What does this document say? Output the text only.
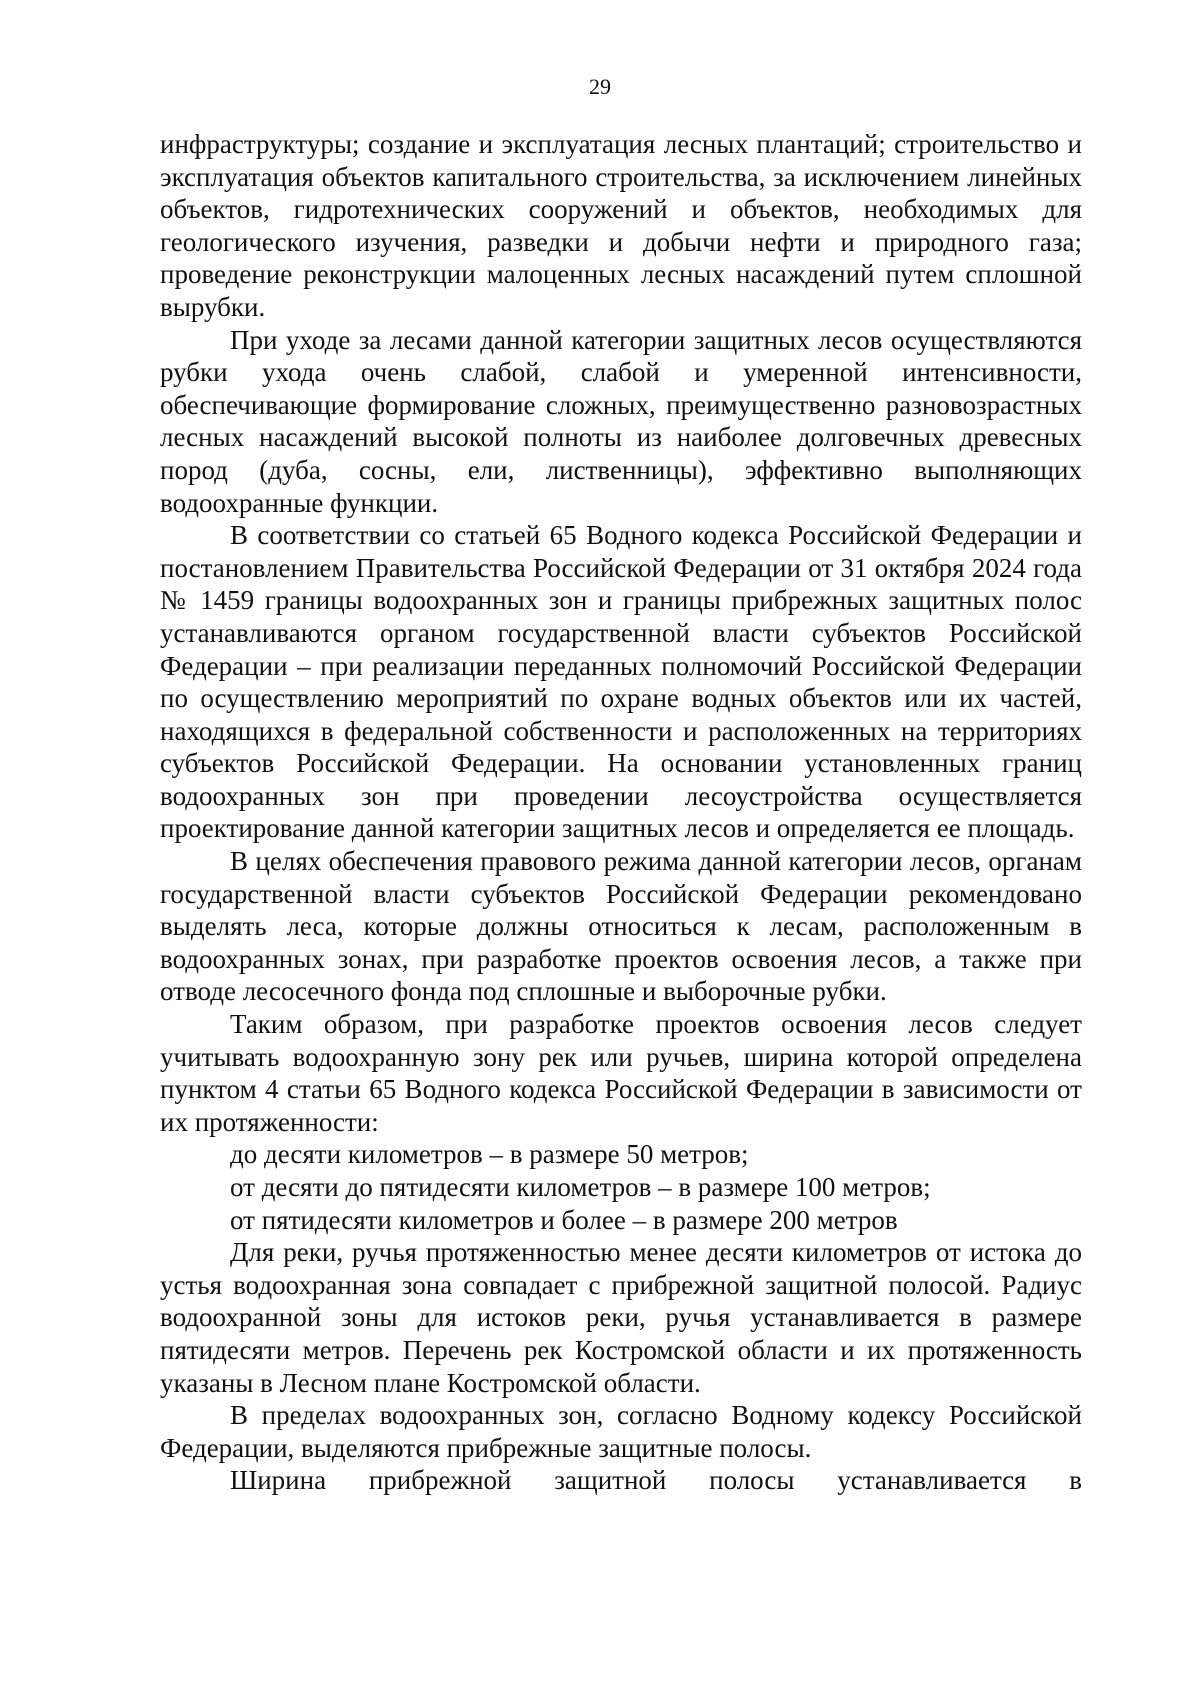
29

инфраструктуры; создание и эксплуатация лесных плантаций; строительство и эксплуатация объектов капитального строительства, за исключением линейных объектов, гидротехнических сооружений и объектов, необходимых для геологического изучения, разведки и добычи нефти и природного газа; проведение реконструкции малоценных лесных насаждений путем сплошной вырубки.

При уходе за лесами данной категории защитных лесов осуществляются рубки ухода очень слабой, слабой и умеренной интенсивности, обеспечивающие формирование сложных, преимущественно разновозрастных лесных насаждений высокой полноты из наиболее долговечных древесных пород (дуба, сосны, ели, лиственницы), эффективно выполняющих водоохранные функции.

В соответствии со статьей 65 Водного кодекса Российской Федерации и постановлением Правительства Российской Федерации от 31 октября 2024 года № 1459 границы водоохранных зон и границы прибрежных защитных полос устанавливаются органом государственной власти субъектов Российской Федерации – при реализации переданных полномочий Российской Федерации по осуществлению мероприятий по охране водных объектов или их частей, находящихся в федеральной собственности и расположенных на территориях субъектов Российской Федерации. На основании установленных границ водоохранных зон при проведении лесоустройства осуществляется проектирование данной категории защитных лесов и определяется ее площадь.

В целях обеспечения правового режима данной категории лесов, органам государственной власти субъектов Российской Федерации рекомендовано выделять леса, которые должны относиться к лесам, расположенным в водоохранных зонах, при разработке проектов освоения лесов, а также при отводе лесосечного фонда под сплошные и выборочные рубки.

Таким образом, при разработке проектов освоения лесов следует учитывать водоохранную зону рек или ручьев, ширина которой определена пунктом 4 статьи 65 Водного кодекса Российской Федерации в зависимости от их протяженности:

до десяти километров – в размере 50 метров;

от десяти до пятидесяти километров – в размере 100 метров;

от пятидесяти километров и более – в размере 200 метров

Для реки, ручья протяженностью менее десяти километров от истока до устья водоохранная зона совпадает с прибрежной защитной полосой. Радиус водоохранной зоны для истоков реки, ручья устанавливается в размере пятидесяти метров. Перечень рек Костромской области и их протяженность указаны в Лесном плане Костромской области.

В пределах водоохранных зон, согласно Водному кодексу Российской Федерации, выделяются прибрежные защитные полосы.

Ширина прибрежной защитной полосы устанавливается в
